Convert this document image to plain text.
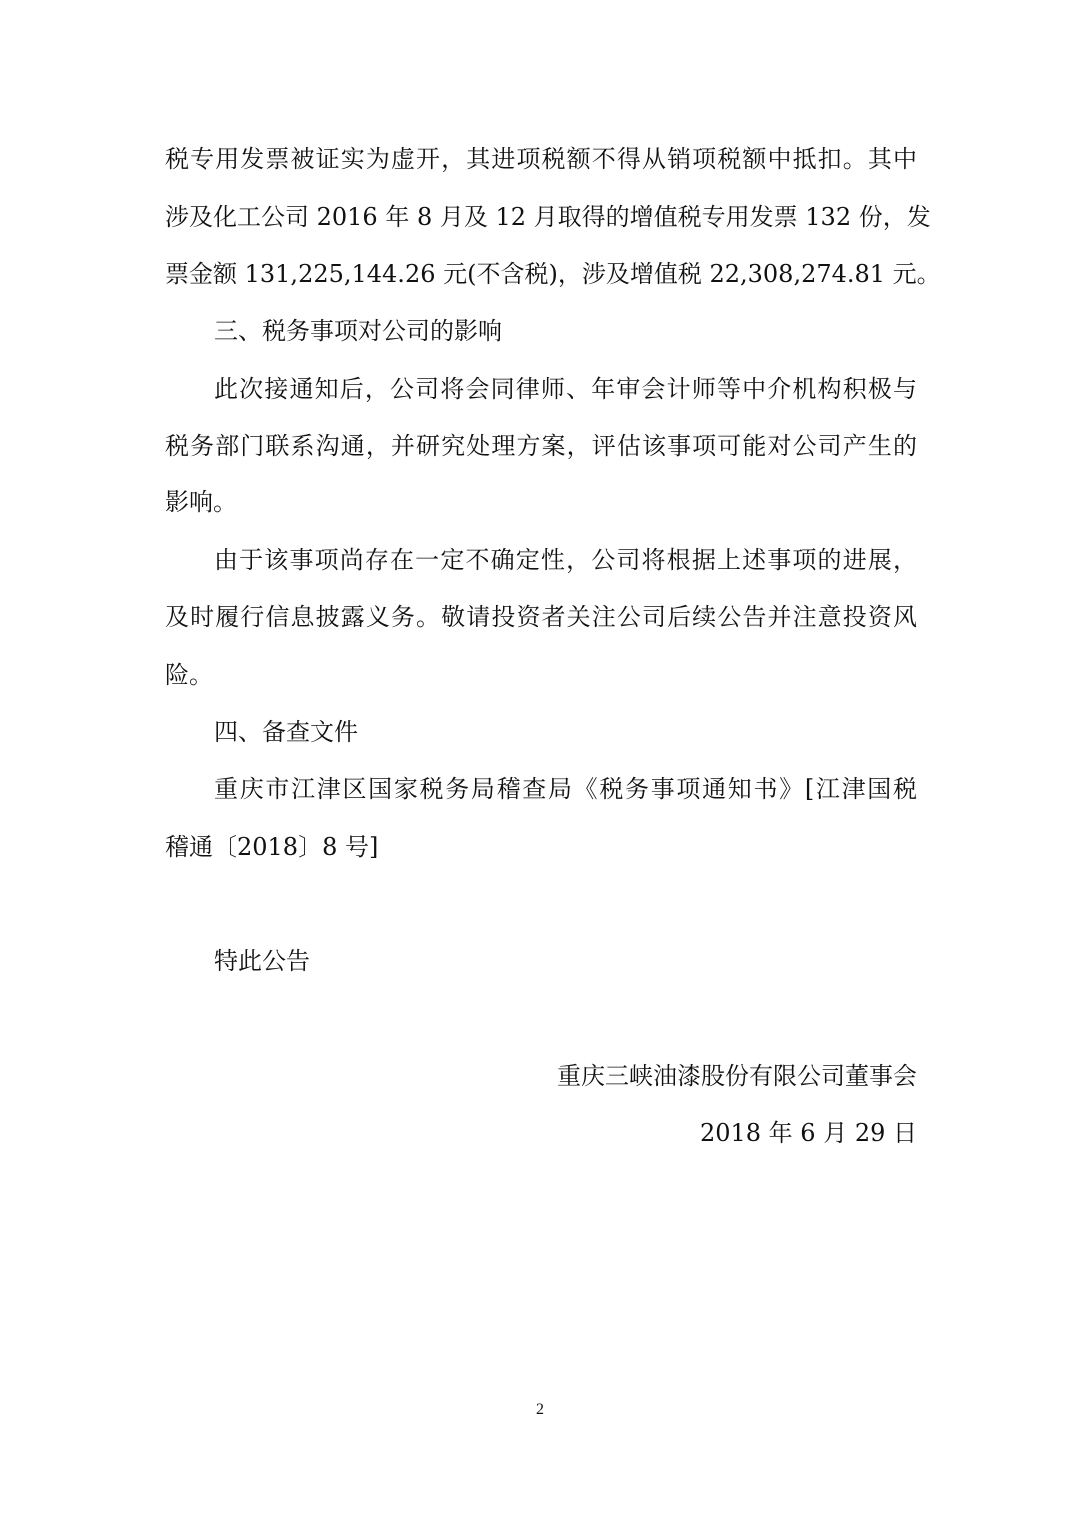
税专用发票被证实为虚开，其进项税额不得从销项税额中抵扣。其中
涉及化工公司 2016 年 8 月及 12 月取得的增值税专用发票 132 份，发
票金额 131,225,144.26 元(不含税)，涉及增值税 22,308,274.81 元。
三、税务事项对公司的影响
此次接通知后，公司将会同律师、年审会计师等中介机构积极与
税务部门联系沟通，并研究处理方案，评估该事项可能对公司产生的
影响。
由于该事项尚存在一定不确定性，公司将根据上述事项的进展，
及时履行信息披露义务。敬请投资者关注公司后续公告并注意投资风
险。
四、备查文件
重庆市江津区国家税务局稽查局《税务事项通知书》[江津国税
稽通〔2018〕8 号]
特此公告
重庆三峡油漆股份有限公司董事会
2018 年 6 月 29 日
2
